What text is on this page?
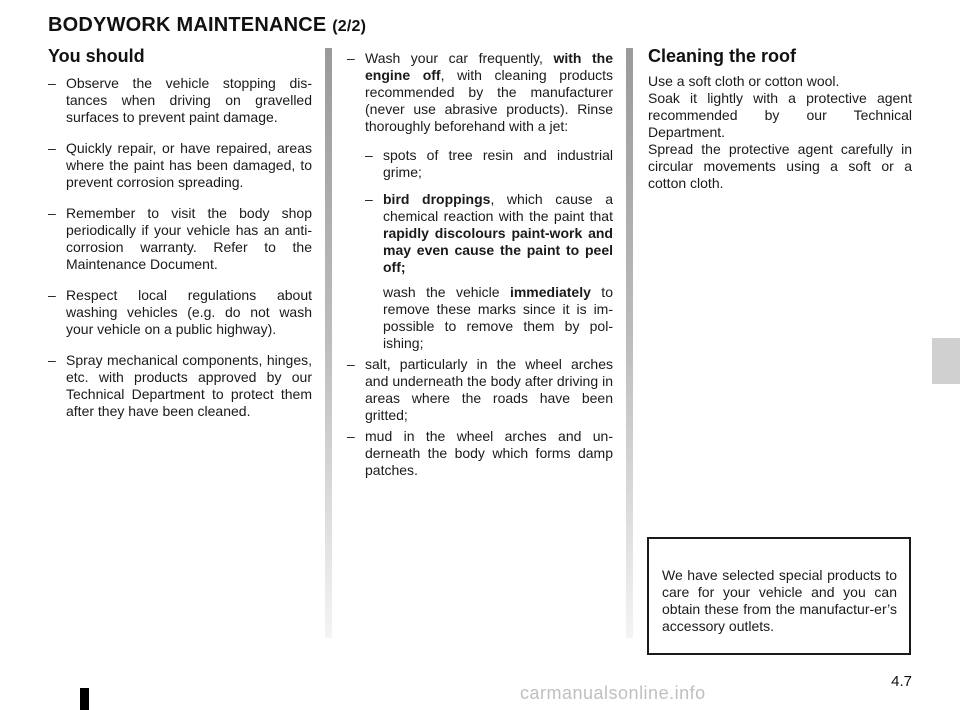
BODYWORK MAINTENANCE (2/2)
You should
– Observe the vehicle stopping dis-tances when driving on gravelled surfaces to prevent paint damage.
– Quickly repair, or have repaired, areas where the paint has been damaged, to prevent corrosion spreading.
– Remember to visit the body shop periodically if your vehicle has an anti-corrosion warranty. Refer to the Maintenance Document.
– Respect local regulations about washing vehicles (e.g. do not wash your vehicle on a public highway).
– Spray mechanical components, hinges, etc. with products approved by our Technical Department to protect them after they have been cleaned.
– Wash your car frequently, with the engine off, with cleaning products recommended by the manufacturer (never use abrasive products). Rinse thoroughly beforehand with a jet:
– spots of tree resin and industrial grime;
– bird droppings, which cause a chemical reaction with the paint that rapidly discolours paint-work and may even cause the paint to peel off;
wash the vehicle immediately to remove these marks since it is im-possible to remove them by pol-ishing;
– salt, particularly in the wheel arches and underneath the body after driving in areas where the roads have been gritted;
– mud in the wheel arches and un-derneath the body which forms damp patches.
Cleaning the roof
Use a soft cloth or cotton wool.
Soak it lightly with a protective agent recommended by our Technical Department.
Spread the protective agent carefully in circular movements using a soft or a cotton cloth.
We have selected special products to care for your vehicle and you can obtain these from the manufactur-er’s accessory outlets.
4.7
carmanualsonline.info
